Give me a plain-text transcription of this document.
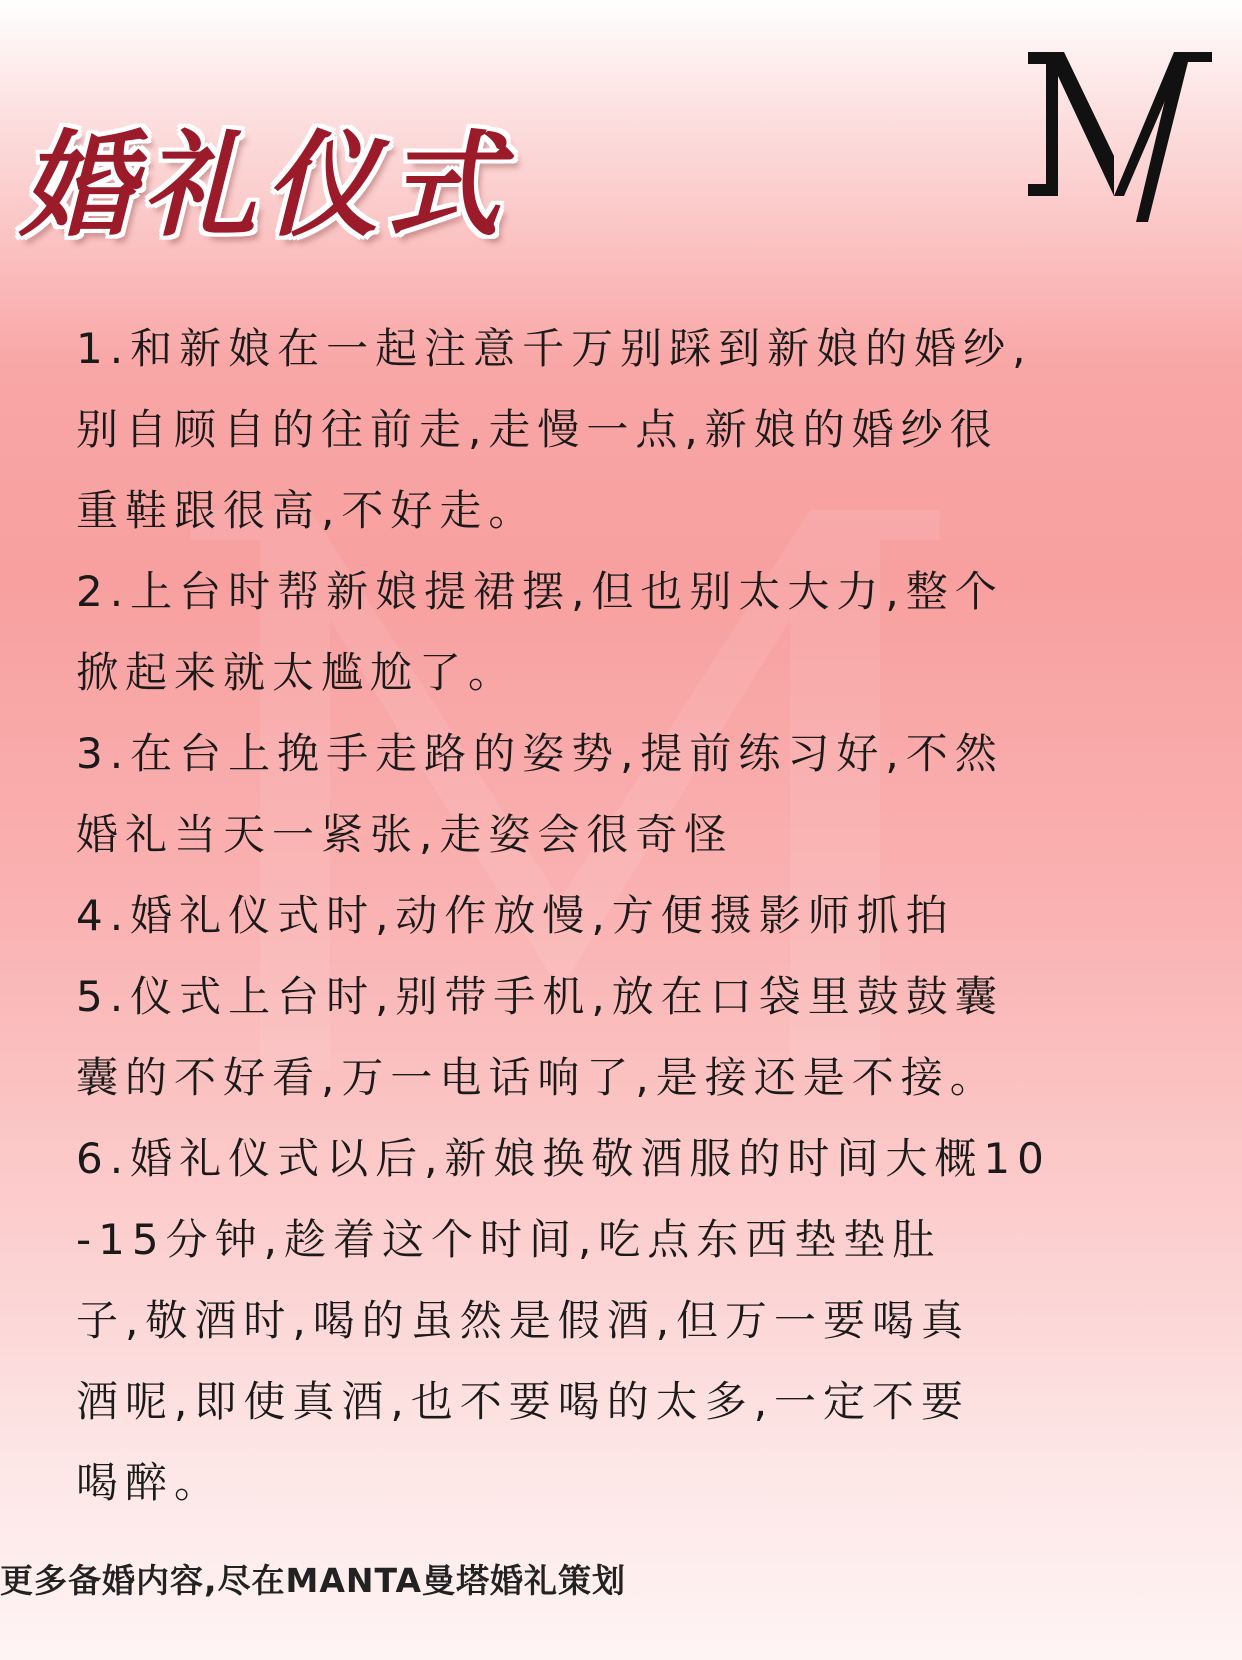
婚礼仪式

1.和新娘在一起注意千万别踩到新娘的婚纱,
别自顾自的往前走,走慢一点,新娘的婚纱很
重鞋跟很高,不好走。

2.上台时帮新娘提裙摆,但也别太大力,整个
掀起来就太尴尬了。

3.在台上挽手走路的姿势,提前练习好,不然
婚礼当天一紧张,走姿会很奇怪

4.婚礼仪式时,动作放慢,方便摄影师抓拍

5.仪式上台时,别带手机,放在口袋里鼓鼓囊
囊的不好看,万一电话响了,是接还是不接。

6.婚礼仪式以后,新娘换敬酒服的时间大概10
-15分钟,趁着这个时间,吃点东西垫垫肚
子,敬酒时,喝的虽然是假酒,但万一要喝真
酒呢,即使真酒,也不要喝的太多,一定不要
喝醉。

更多备婚内容,尽在MANTA曼塔婚礼策划
